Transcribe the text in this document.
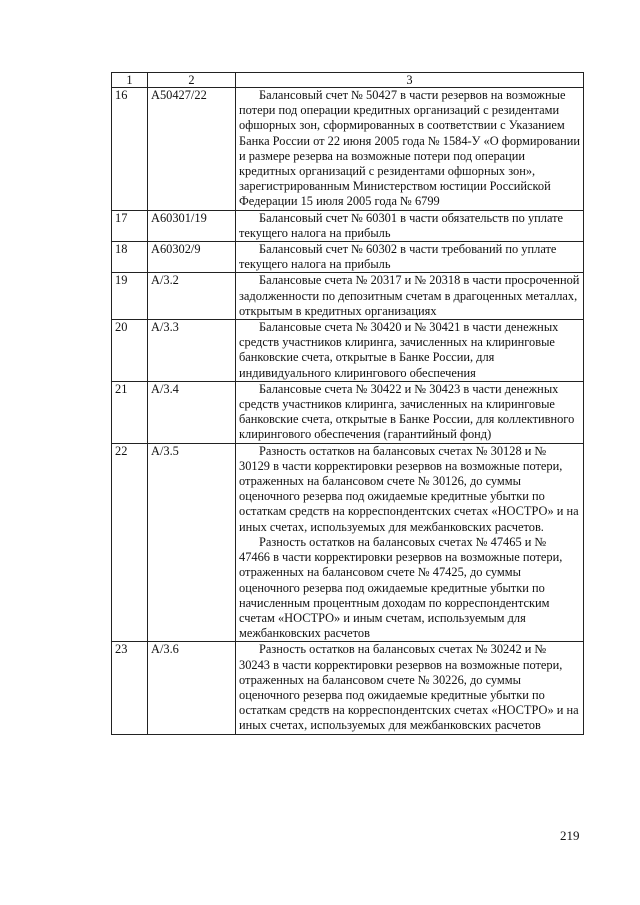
1	2	3
16	A50427/22	Балансовый счет № 50427 в части резервов на возможные потери под операции кредитных организаций с резидентами офшорных зон, сформированных в соответствии с Указанием Банка России от 22 июня 2005 года № 1584-У «О формировании и размере резерва на возможные потери под операции кредитных организаций с резидентами офшорных зон», зарегистрированным Министерством юстиции Российской Федерации 15 июля 2005 года № 6799

17	A60301/19	Балансовый счет № 60301 в части обязательств по уплате текущего налога на прибыль

18	A60302/9	Балансовый счет № 60302 в части требований по уплате текущего налога на прибыль

19	A/3.2	Балансовые счета № 20317 и № 20318 в части просроченной задолженности по депозитным счетам в драгоценных металлах, открытым в кредитных организациях

20	A/3.3	Балансовые счета № 30420 и № 30421 в части денежных средств участников клиринга, зачисленных на клиринговые банковские счета, открытые в Банке России, для индивидуального клирингового обеспечения

21	A/3.4	Балансовые счета № 30422 и № 30423 в части денежных средств участников клиринга, зачисленных на клиринговые банковские счета, открытые в Банке России, для коллективного клирингового обеспечения (гарантийный фонд)

22	A/3.5	Разность остатков на балансовых счетах № 30128 и № 30129 в части корректировки резервов на возможные потери, отраженных на балансовом счете № 30126, до суммы оценочного резерва под ожидаемые кредитные убытки по остаткам средств на корреспондентских счетах «НОСТРО» и на иных счетах, используемых для межбанковских расчетов.
Разность остатков на балансовых счетах № 47465 и № 47466 в части корректировки резервов на возможные потери, отраженных на балансовом счете № 47425, до суммы оценочного резерва под ожидаемые кредитные убытки по начисленным процентным доходам по корреспондентским счетам «НОСТРО» и иным счетам, используемым для межбанковских расчетов

23	A/3.6	Разность остатков на балансовых счетах № 30242 и № 30243 в части корректировки резервов на возможные потери, отраженных на балансовом счете № 30226, до суммы оценочного резерва под ожидаемые кредитные убытки по остаткам средств на корреспондентских счетах «НОСТРО» и на иных счетах, используемых для межбанковских расчетов
219
